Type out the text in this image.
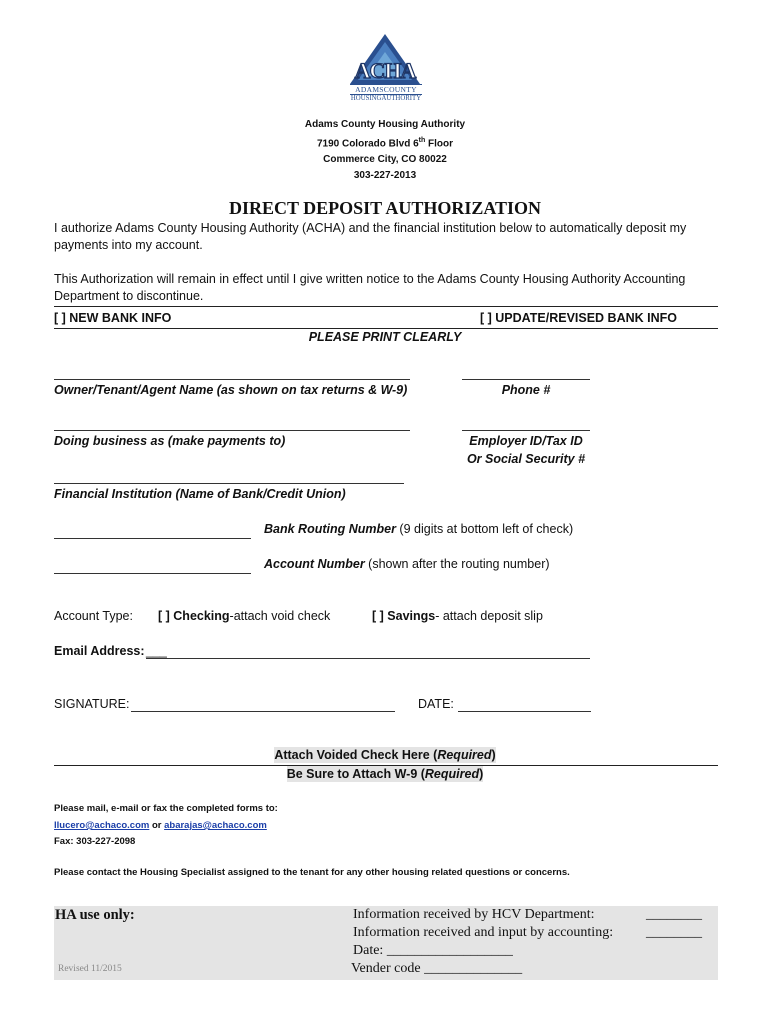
ACHA
ADAMSCOUNTY
HOUSINGAUTHORITY
Adams County Housing Authority
7190 Colorado Blvd 6th Floor
Commerce City, CO 80022
303-227-2013
DIRECT DEPOSIT AUTHORIZATION
I authorize Adams County Housing Authority (ACHA) and the financial institution below to automatically deposit my
payments into my account.
This Authorization will remain in effect until I give written notice to the Adams County Housing Authority Accounting
Department to discontinue.
[ ] NEW BANK INFO	[ ] UPDATE/REVISED BANK INFO
PLEASE PRINT CLEARLY
Owner/Tenant/Agent Name (as shown on tax returns & W-9)	Phone #
Doing business as (make payments to)	Employer ID/Tax ID
Or Social Security #
Financial Institution (Name of Bank/Credit Union)
Bank Routing Number (9 digits at bottom left of check)
Account Number (shown after the routing number)
Account Type: [ ] Checking-attach void check	[ ] Savings- attach deposit slip
Email Address: ___
SIGNATURE:	DATE:
Attach Voided Check Here (Required)
Be Sure to Attach W-9 (Required)
Please mail, e-mail or fax the completed forms to:
llucero@achaco.com or abarajas@achaco.com
Fax: 303-227-2098
Please contact the Housing Specialist assigned to the tenant for any other housing related questions or concerns.
HA use only:
Revised 11/2015
Information received by HCV Department:	________
Information received and input by accounting: ________
Date: __________________
Vender code ______________
